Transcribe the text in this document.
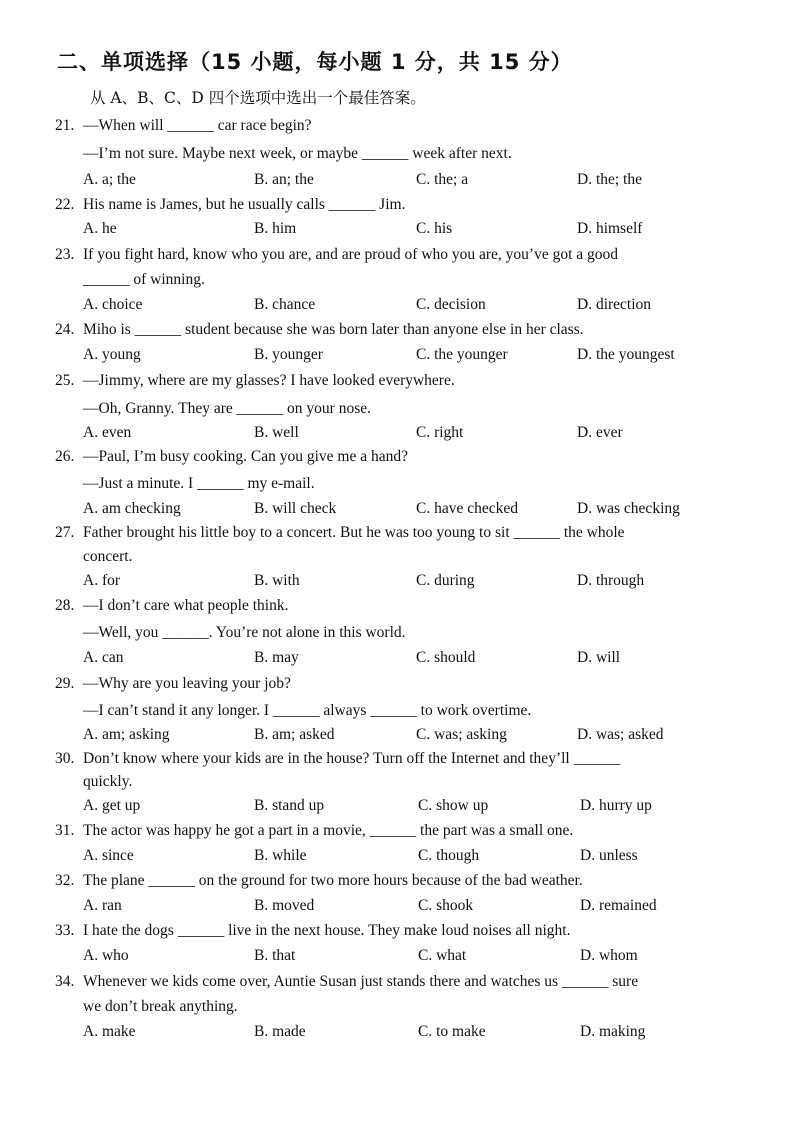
二、单项选择（15 小题，每小题 1 分，共 15 分）
从 A、B、C、D 四个选项中选出一个最佳答案。
21. —When will ______ car race begin?
—I’m not sure. Maybe next week, or maybe ______ week after next.
A. a; the	B. an; the	C. the; a	D. the; the
22. His name is James, but he usually calls ______ Jim.
A. he	B. him	C. his	D. himself
23. If you fight hard, know who you are, and are proud of who you are, you’ve got a good
______ of winning.
A. choice	B. chance	C. decision	D. direction
24. Miho is ______ student because she was born later than anyone else in her class.
A. young	B. younger	C. the younger	D. the youngest
25. —Jimmy, where are my glasses? I have looked everywhere.
—Oh, Granny. They are ______ on your nose.
A. even	B. well	C. right	D. ever
26. —Paul, I’m busy cooking. Can you give me a hand?
—Just a minute. I ______ my e-mail.
A. am checking	B. will check	C. have checked	D. was checking
27. Father brought his little boy to a concert. But he was too young to sit ______ the whole
concert.
A. for	B. with	C. during	D. through
28. —I don’t care what people think.
—Well, you ______. You’re not alone in this world.
A. can	B. may	C. should	D. will
29. —Why are you leaving your job?
—I can’t stand it any longer. I ______ always ______ to work overtime.
A. am; asking	B. am; asked	C. was; asking	D. was; asked
30. Don’t know where your kids are in the house? Turn off the Internet and they’ll ______
quickly.
A. get up	B. stand up	C. show up	D. hurry up
31. The actor was happy he got a part in a movie, ______ the part was a small one.
A. since	B. while	C. though	D. unless
32. The plane ______ on the ground for two more hours because of the bad weather.
A. ran	B. moved	C. shook	D. remained
33. I hate the dogs ______ live in the next house. They make loud noises all night.
A. who	B. that	C. what	D. whom
34. Whenever we kids come over, Auntie Susan just stands there and watches us ______ sure
we don’t break anything.
A. make	B. made	C. to make	D. making
